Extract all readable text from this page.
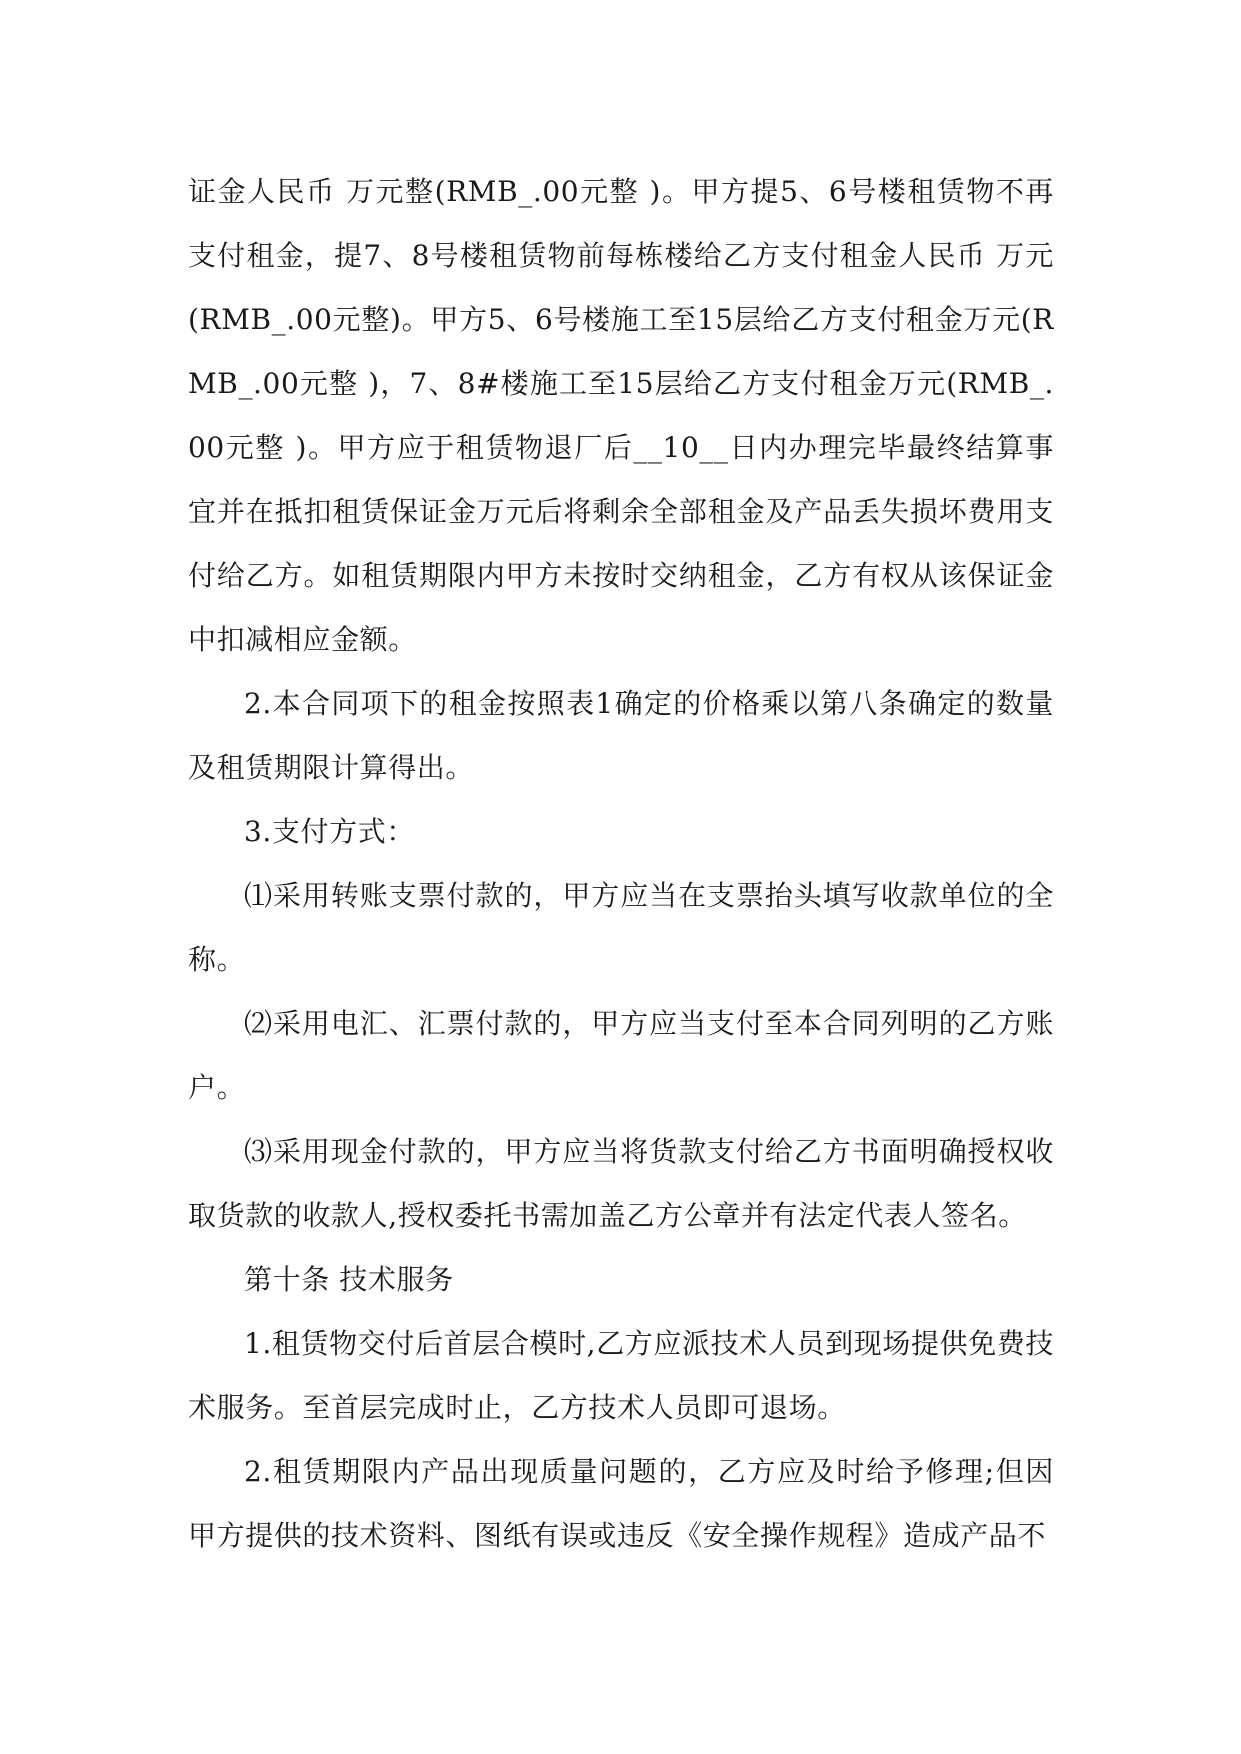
证金人民币 万元整(RMB_.00元整 )。甲方提5、6号楼租赁物不再支付租金，提7、8号楼租赁物前每栋楼给乙方支付租金人民币 万元(RMB_.00元整)。甲方5、6号楼施工至15层给乙方支付租金万元(RMB_.00元整 )，7、8#楼施工至15层给乙方支付租金万元(RMB_.00元整 )。甲方应于租赁物退厂后__10__日内办理完毕最终结算事宜并在抵扣租赁保证金万元后将剩余全部租金及产品丢失损坏费用支付给乙方。如租赁期限内甲方未按时交纳租金，乙方有权从该保证金中扣减相应金额。

2.本合同项下的租金按照表1确定的价格乘以第八条确定的数量及租赁期限计算得出。

3.支付方式：

⑴采用转账支票付款的，甲方应当在支票抬头填写收款单位的全称。

⑵采用电汇、汇票付款的，甲方应当支付至本合同列明的乙方账户。

⑶采用现金付款的，甲方应当将货款支付给乙方书面明确授权收取货款的收款人,授权委托书需加盖乙方公章并有法定代表人签名。

第十条 技术服务

1.租赁物交付后首层合模时,乙方应派技术人员到现场提供免费技术服务。至首层完成时止，乙方技术人员即可退场。

2.租赁期限内产品出现质量问题的，乙方应及时给予修理;但因甲方提供的技术资料、图纸有误或违反《安全操作规程》造成产品不
